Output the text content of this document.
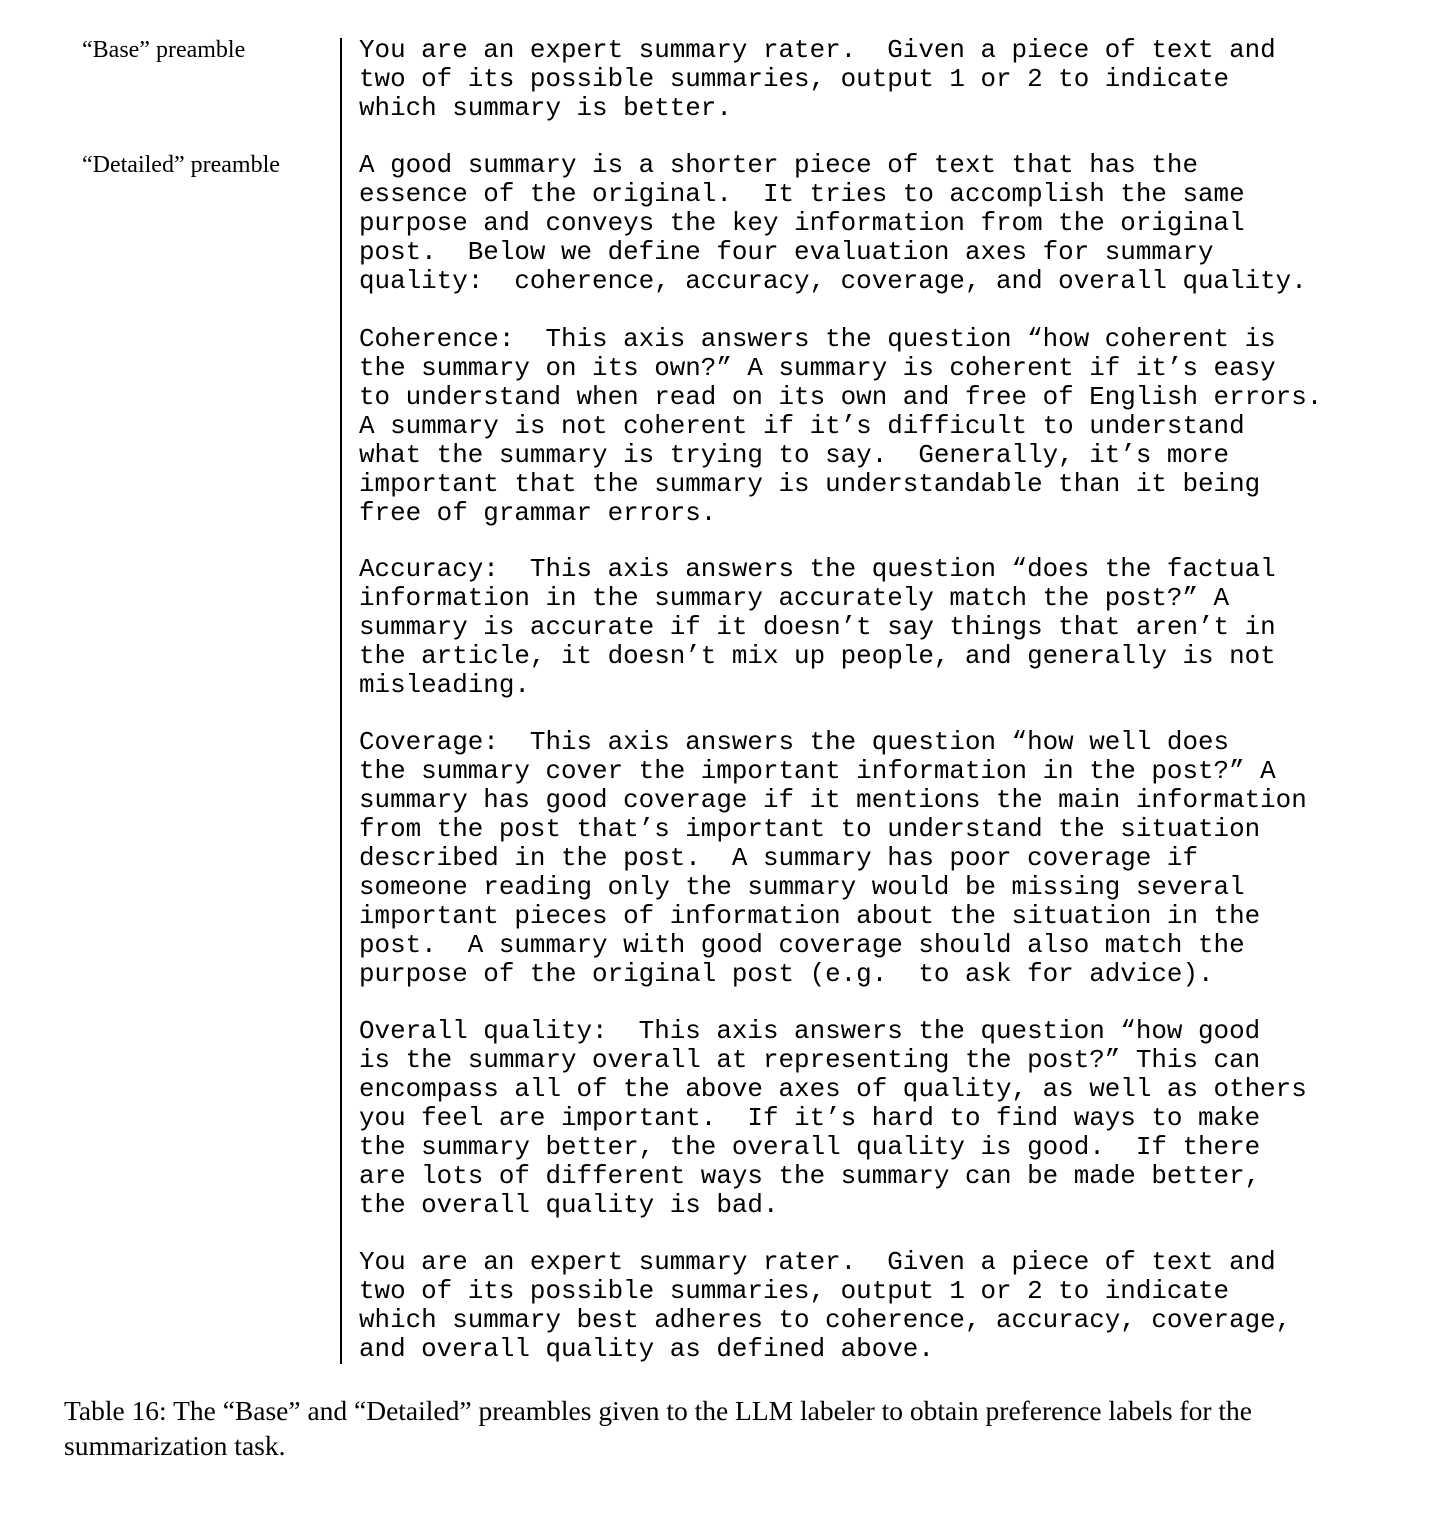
“Base” preamble	You are an expert summary rater.  Given a piece of text and
two of its possible summaries, output 1 or 2 to indicate
which summary is better.
“Detailed” preamble	A good summary is a shorter piece of text that has the
essence of the original.  It tries to accomplish the same
purpose and conveys the key information from the original
post.  Below we define four evaluation axes for summary
quality:  coherence, accuracy, coverage, and overall quality.
Coherence:  This axis answers the question “how coherent is
the summary on its own?” A summary is coherent if it’s easy
to understand when read on its own and free of English errors.
A summary is not coherent if it’s difficult to understand
what the summary is trying to say.  Generally, it’s more
important that the summary is understandable than it being
free of grammar errors.
Accuracy:  This axis answers the question “does the factual
information in the summary accurately match the post?” A
summary is accurate if it doesn’t say things that aren’t in
the article, it doesn’t mix up people, and generally is not
misleading.
Coverage:  This axis answers the question “how well does
the summary cover the important information in the post?” A
summary has good coverage if it mentions the main information
from the post that’s important to understand the situation
described in the post.  A summary has poor coverage if
someone reading only the summary would be missing several
important pieces of information about the situation in the
post.  A summary with good coverage should also match the
purpose of the original post (e.g.  to ask for advice).
Overall quality:  This axis answers the question “how good
is the summary overall at representing the post?” This can
encompass all of the above axes of quality, as well as others
you feel are important.  If it’s hard to find ways to make
the summary better, the overall quality is good.  If there
are lots of different ways the summary can be made better,
the overall quality is bad.
You are an expert summary rater.  Given a piece of text and
two of its possible summaries, output 1 or 2 to indicate
which summary best adheres to coherence, accuracy, coverage,
and overall quality as defined above.
Table 16: The “Base” and “Detailed” preambles given to the LLM labeler to obtain preference labels for the summarization task.
